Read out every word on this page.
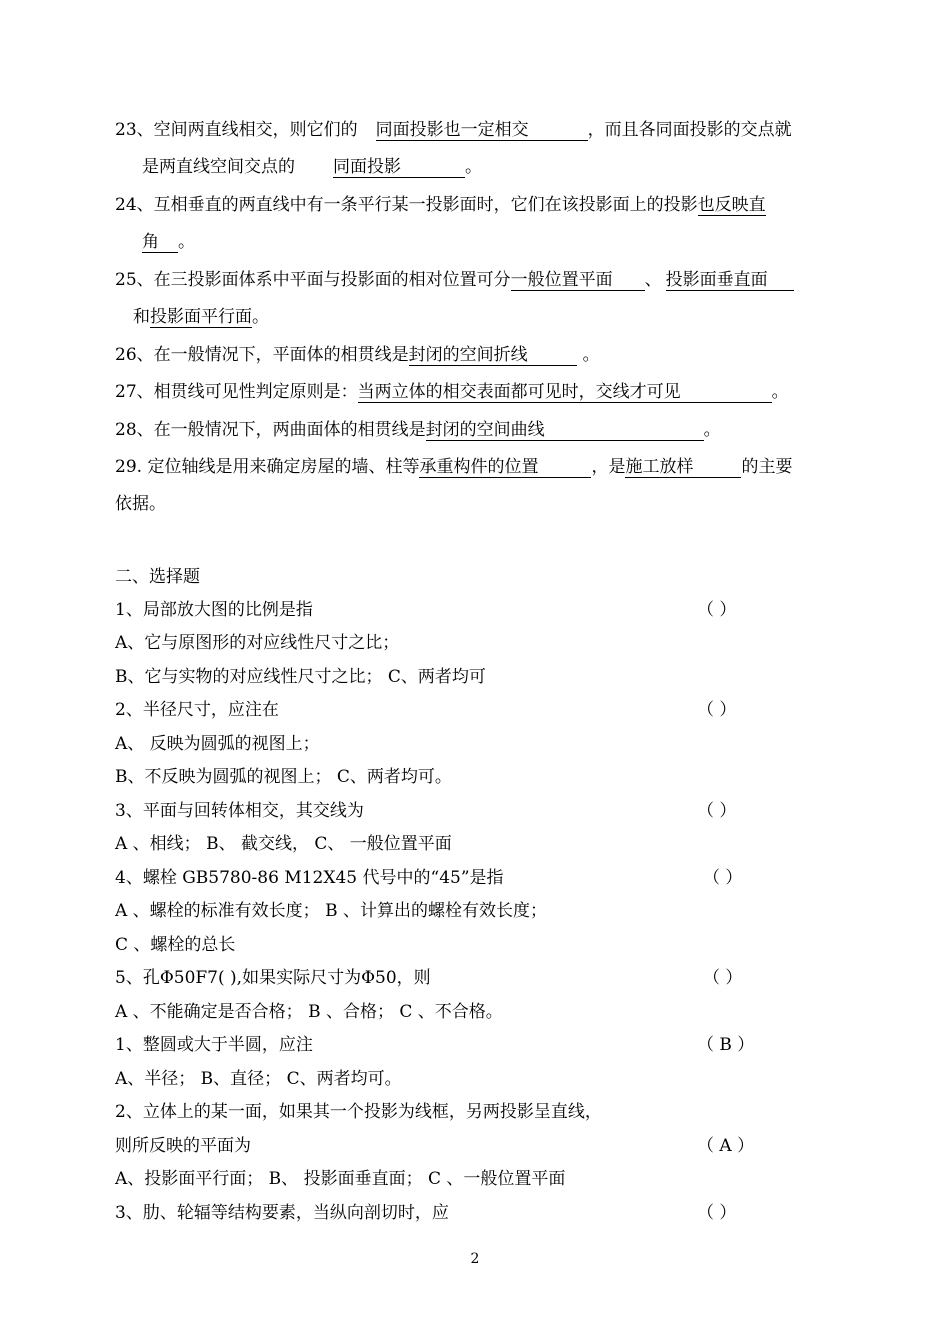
23、空间两直线相交，则它们的 同面投影也一定相交	，而且各同面投影的交点就
是两直线空间交点的 同面投影	。
24、互相垂直的两直线中有一条平行某一投影面时，它们在该投影面上的投影也反映直
角 。
25、在三投影面体系中平面与投影面的相对位置可分一般位置平面 、 投影面垂直面
和投影面平行面。
26、在一般情况下，平面体的相贯线是封闭的空间折线	。
27、相贯线可见性判定原则是：当两立体的相交表面都可见时，交线才可见	。
28、在一般情况下，两曲面体的相贯线是封闭的空间曲线	。
29. 定位轴线是用来确定房屋的墙、柱等承重构件的位置	，是施工放样	的主要
依据。
二、选择题
1、局部放大图的比例是指	（ ）
A、它与原图形的对应线性尺寸之比；
B、它与实物的对应线性尺寸之比； C、两者均可
2、半径尺寸，应注在	（ ）
A、 反映为圆弧的视图上；
B、不反映为圆弧的视图上； C、两者均可。
3、平面与回转体相交，其交线为	（ ）
A 、相线； B、 截交线， C、 一般位置平面
4、螺栓 GB5780-86 M12X45 代号中的“45”是指	（ ）
A 、螺栓的标准有效长度； B 、计算出的螺栓有效长度；
C 、螺栓的总长
5、孔Φ50F7( ),如果实际尺寸为Φ50，则	（ ）
A 、不能确定是否合格； B 、合格； C 、不合格。
1、整圆或大于半圆，应注	（ B ）
A、半径； B、直径； C、两者均可。
2、立体上的某一面，如果其一个投影为线框，另两投影呈直线，
则所反映的平面为	（ A ）
A、投影面平行面； B、 投影面垂直面； C 、一般位置平面
3、肋、轮辐等结构要素，当纵向剖切时，应	（ ）
2
